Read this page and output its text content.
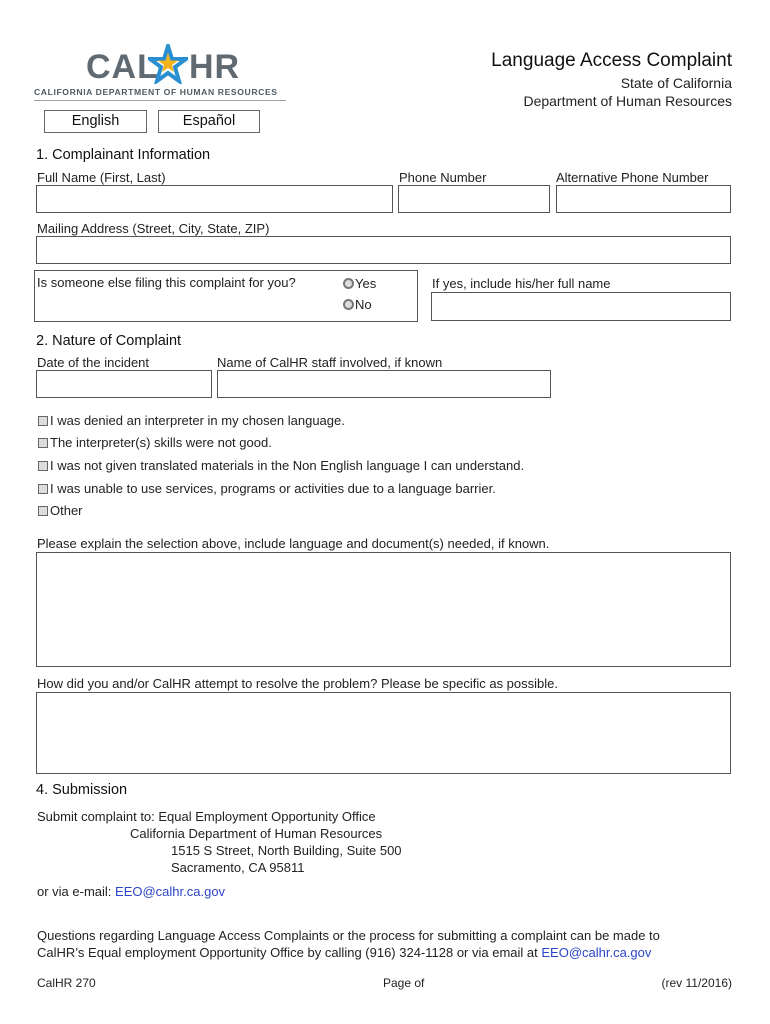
CAL HR
CALIFORNIA DEPARTMENT OF HUMAN RESOURCES
Language Access Complaint
State of California
Department of Human Resources
English	Español
1. Complainant Information
Full Name (First, Last)	Phone Number	Alternative Phone Number
Mailing Address (Street, City, State, ZIP)
Is someone else filing this complaint for you?	Yes
No
If yes, include his/her full name
2. Nature of Complaint
Date of the incident	Name of CalHR staff involved, if known
I was denied an interpreter in my chosen language.
The interpreter(s) skills were not good.
I was not given translated materials in the Non English language I can understand.
I was unable to use services, programs or activities due to a language barrier.
Other
Please explain the selection above, include language and document(s) needed, if known.
How did you and/or CalHR attempt to resolve the problem? Please be specific as possible.
4. Submission
Submit complaint to: Equal Employment Opportunity Office
California Department of Human Resources
1515 S Street, North Building, Suite 500
Sacramento, CA 95811
or via e-mail: EEO@calhr.ca.gov
Questions regarding Language Access Complaints or the process for submitting a complaint can be made to
CalHR’s Equal employment Opportunity Office by calling (916) 324-1128 or via email at EEO@calhr.ca.gov
CalHR 270	Page of	(rev 11/2016)
